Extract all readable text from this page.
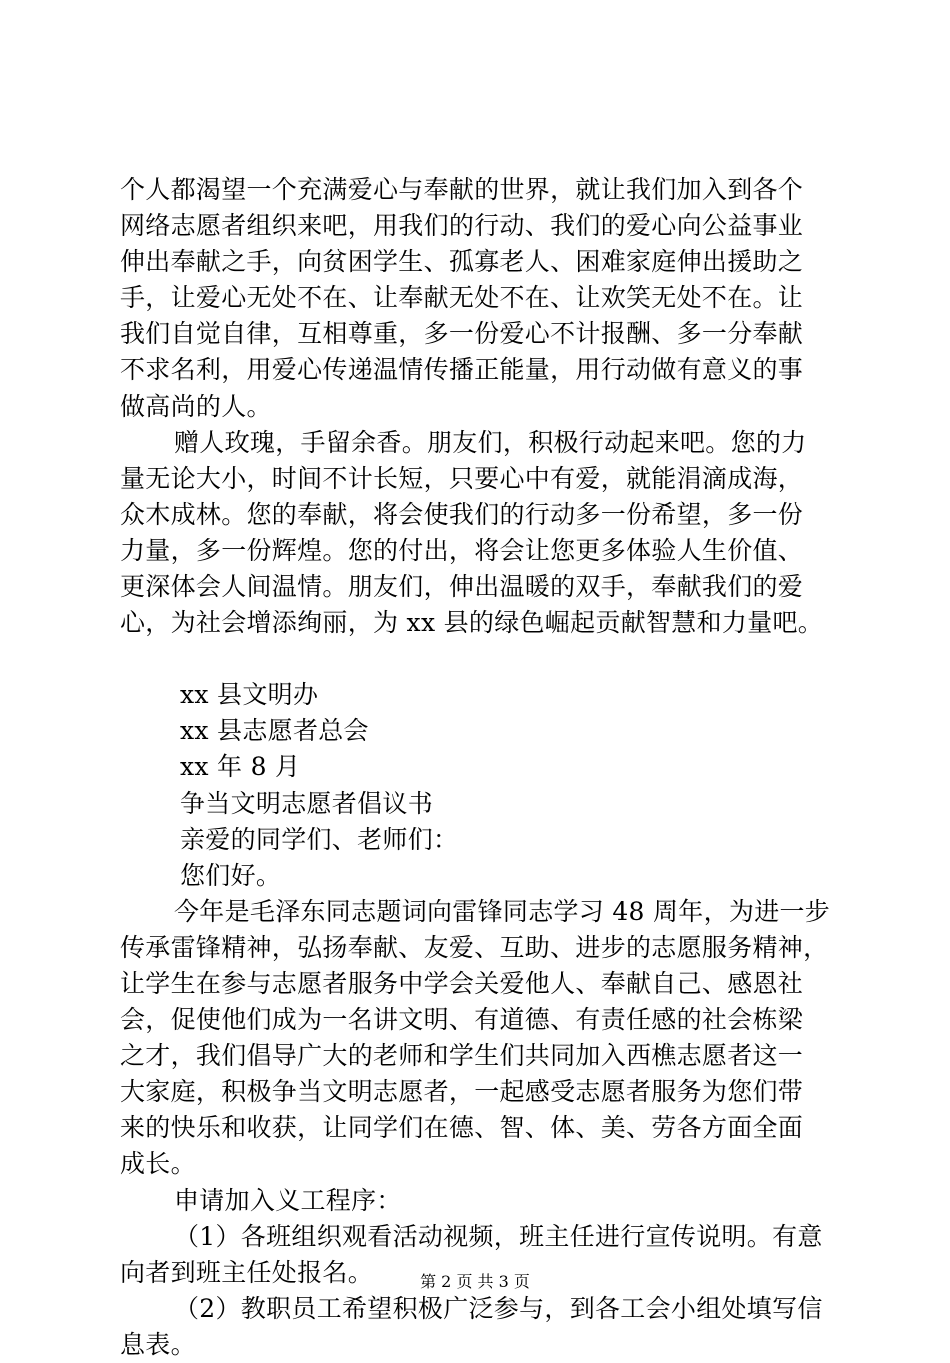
个人都渴望一个充满爱心与奉献的世界，就让我们加入到各个
网络志愿者组织来吧，用我们的行动、我们的爱心向公益事业
伸出奉献之手，向贫困学生、孤寡老人、困难家庭伸出援助之
手，让爱心无处不在、让奉献无处不在、让欢笑无处不在。让
我们自觉自律，互相尊重，多一份爱心不计报酬、多一分奉献
不求名利，用爱心传递温情传播正能量，用行动做有意义的事
做高尚的人。
赠人玫瑰，手留余香。朋友们，积极行动起来吧。您的力
量无论大小，时间不计长短，只要心中有爱，就能涓滴成海，
众木成林。您的奉献，将会使我们的行动多一份希望，多一份
力量，多一份辉煌。您的付出，将会让您更多体验人生价值、
更深体会人间温情。朋友们，伸出温暖的双手，奉献我们的爱
心，为社会增添绚丽，为 xx 县的绿色崛起贡献智慧和力量吧。
xx 县文明办
xx 县志愿者总会
xx 年 8 月
争当文明志愿者倡议书
亲爱的同学们、老师们：
您们好。
今年是毛泽东同志题词向雷锋同志学习 48 周年，为进一步
传承雷锋精神，弘扬奉献、友爱、互助、进步的志愿服务精神，
让学生在参与志愿者服务中学会关爱他人、奉献自己、感恩社
会，促使他们成为一名讲文明、有道德、有责任感的社会栋梁
之才，我们倡导广大的老师和学生们共同加入西樵志愿者这一
大家庭，积极争当文明志愿者，一起感受志愿者服务为您们带
来的快乐和收获，让同学们在德、智、体、美、劳各方面全面
成长。
申请加入义工程序：
（1）各班组织观看活动视频，班主任进行宣传说明。有意
向者到班主任处报名。
（2）教职员工希望积极广泛参与，到各工会小组处填写信
息表。
第 2 页 共 3 页
